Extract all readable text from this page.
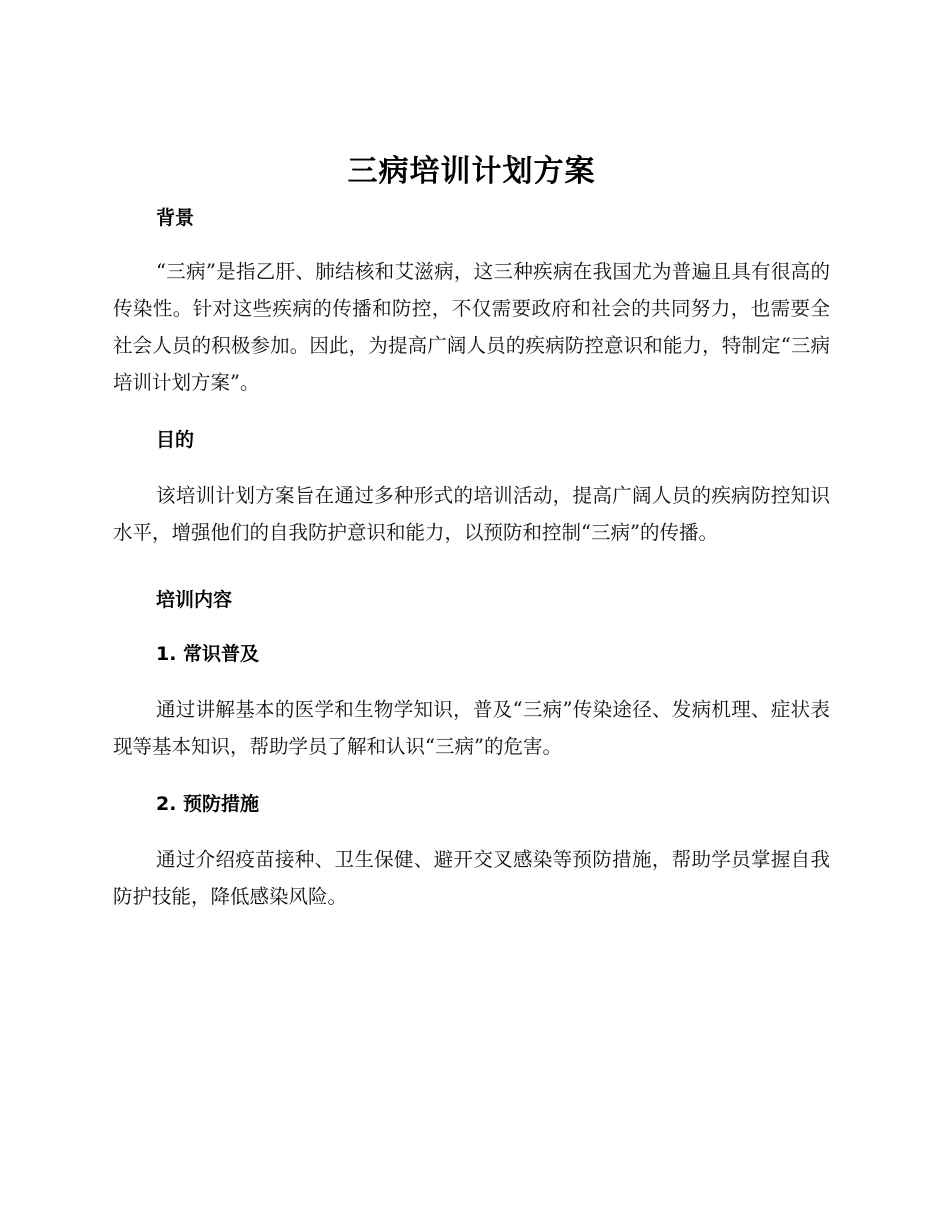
三病培训计划方案
背景

“三病”是指乙肝、肺结核和艾滋病，这三种疾病在我国尤为普遍且具有很高的传染性。针对这些疾病的传播和防控，不仅需要政府和社会的共同努力，也需要全社会人员的积极参加。因此，为提高广阔人员的疾病防控意识和能力，特制定“三病培训计划方案”。

目的

该培训计划方案旨在通过多种形式的培训活动，提高广阔人员的疾病防控知识水平，增强他们的自我防护意识和能力，以预防和控制“三病”的传播。

培训内容
1. 常识普及

通过讲解基本的医学和生物学知识，普及“三病”传染途径、发病机理、症状表现等基本知识，帮助学员了解和认识“三病”的危害。

2. 预防措施

通过介绍疫苗接种、卫生保健、避开交叉感染等预防措施，帮助学员掌握自我防护技能，降低感染风险。
